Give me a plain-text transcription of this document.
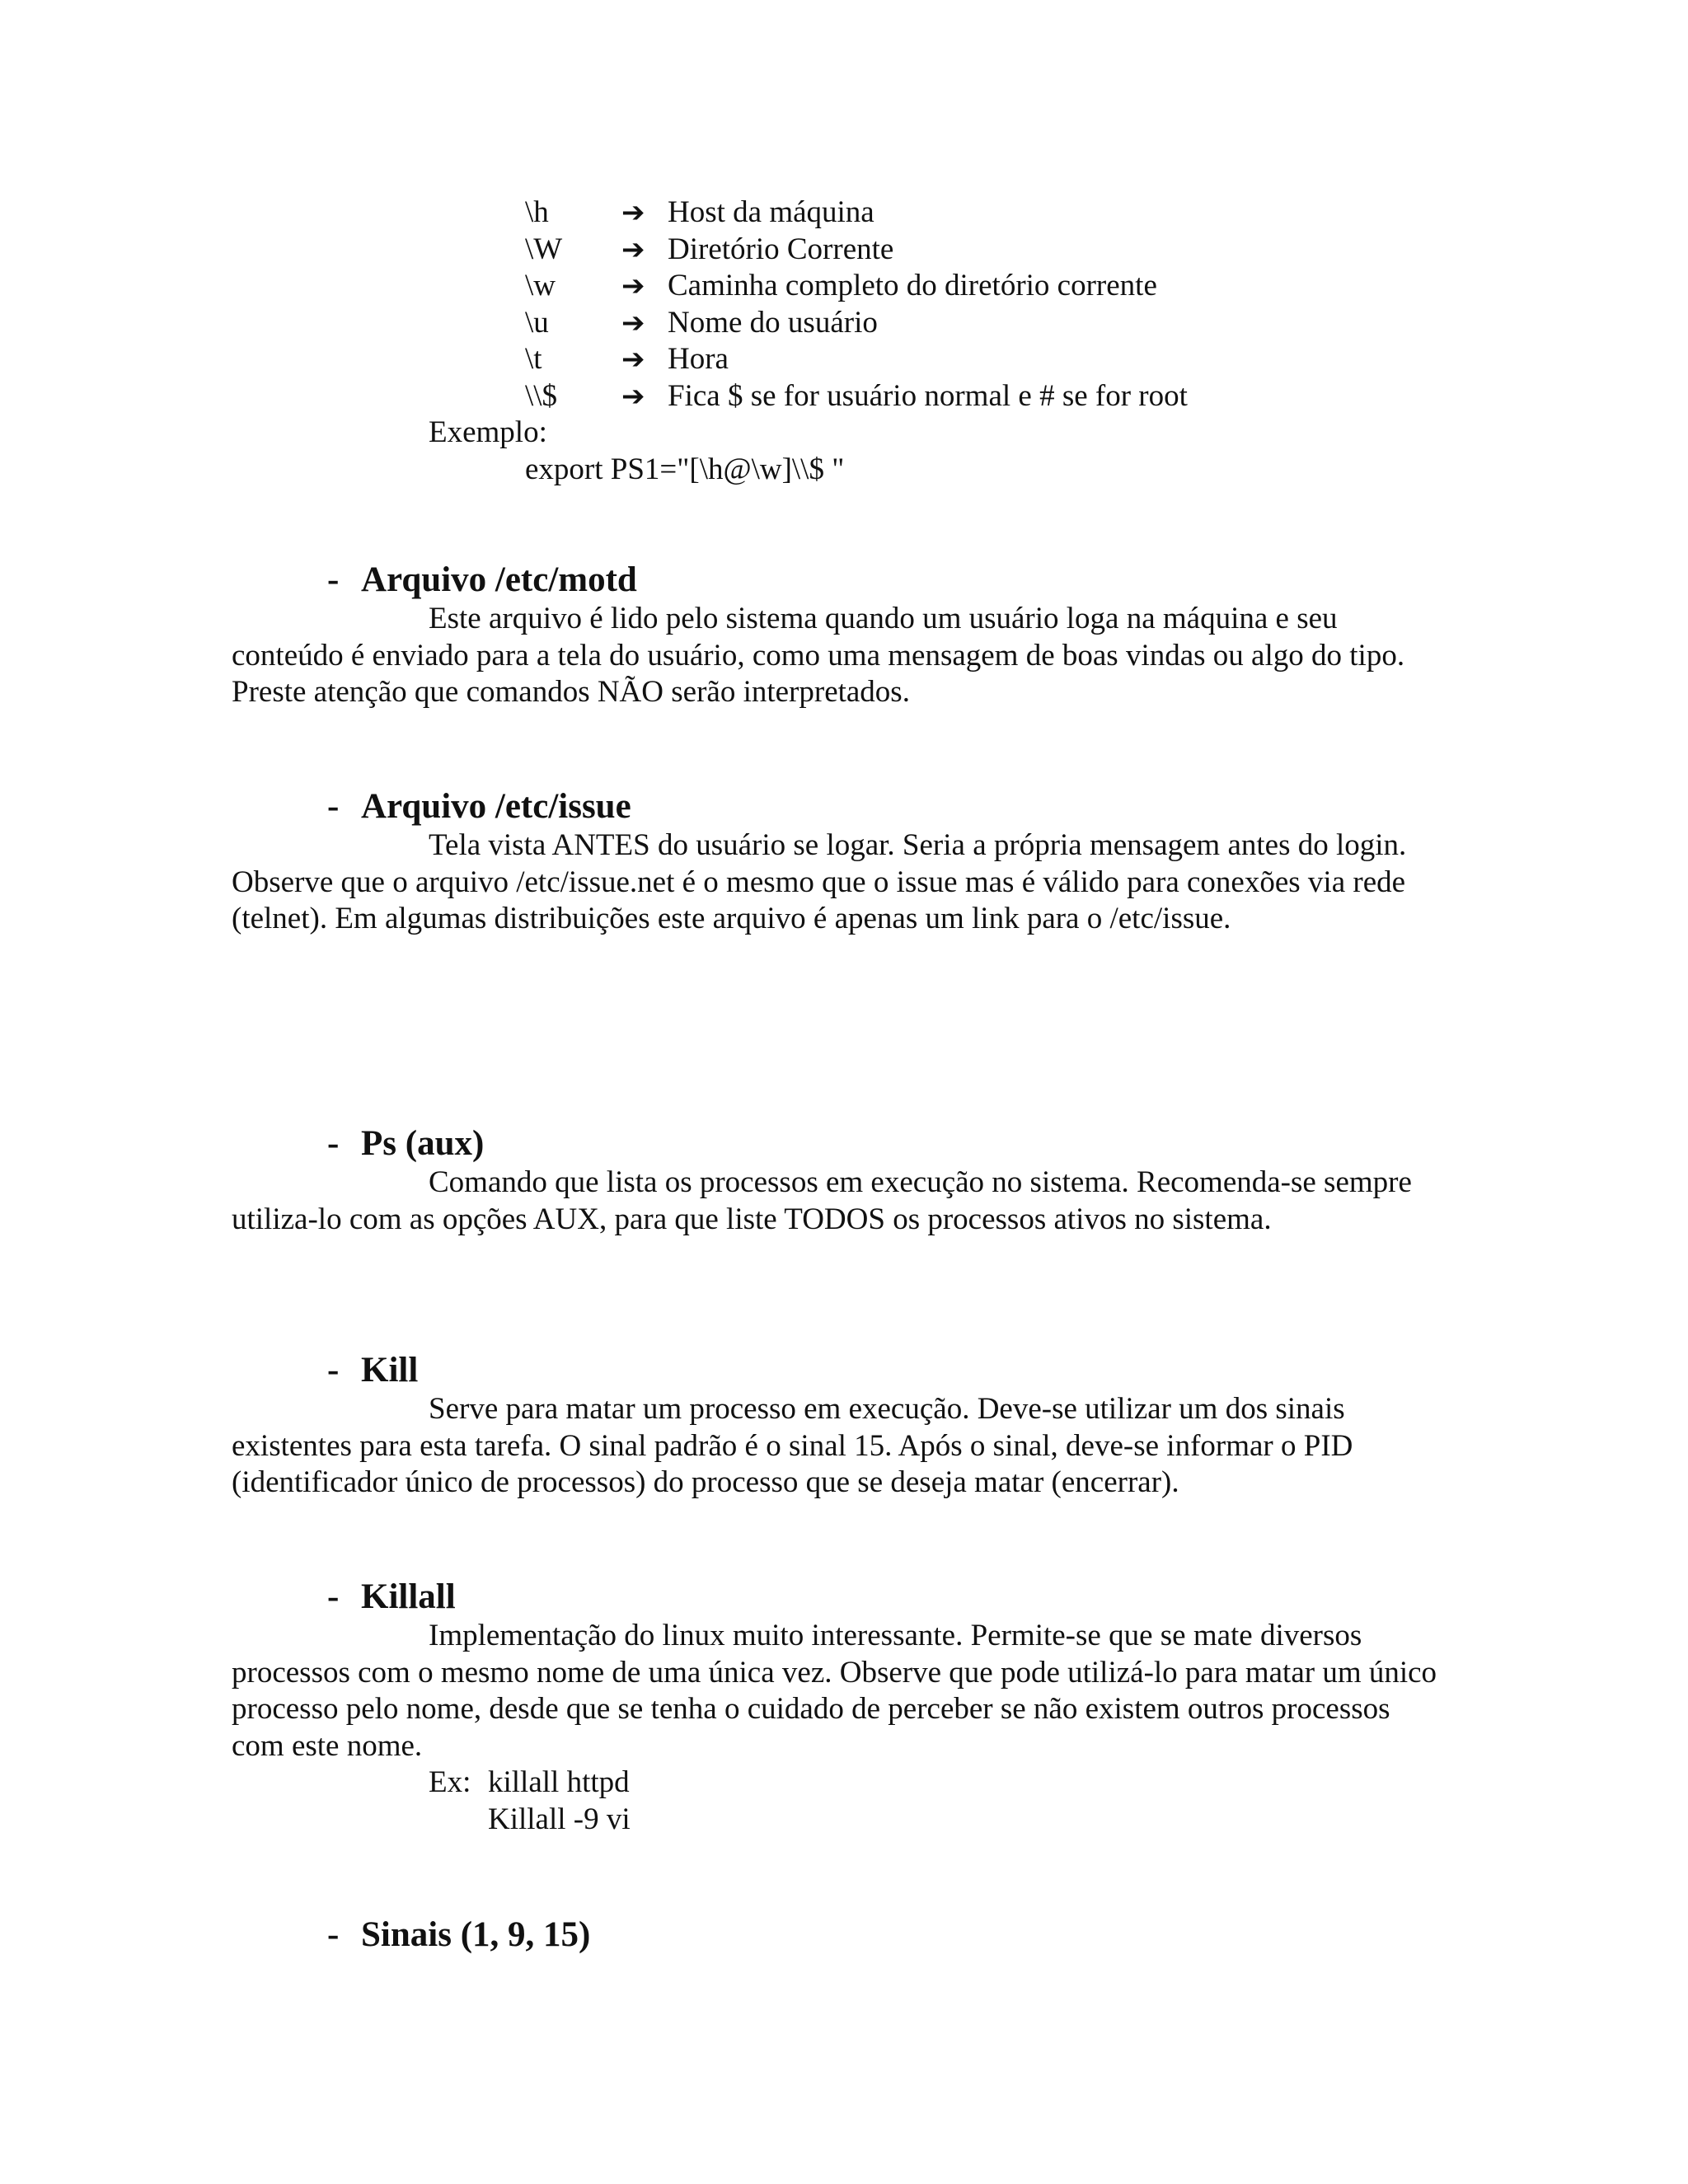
\h	➔ Host da máquina
\W	➔ Diretório Corrente
\w	➔ Caminha completo do diretório corrente
\u	➔ Nome do usuário
\t	➔ Hora
\\$	➔ Fica $ se for usuário normal e # se for root
Exemplo:
export PS1="[\h@\w]\\$ "
- Arquivo /etc/motd

Este arquivo é lido pelo sistema quando um usuário loga na máquina e seu conteúdo é enviado para a tela do usuário, como uma mensagem de boas vindas ou algo do tipo. Preste atenção que comandos NÃO serão interpretados.

- Arquivo /etc/issue

Tela vista ANTES do usuário se logar. Seria a própria mensagem antes do login. Observe que o arquivo /etc/issue.net é o mesmo que o issue mas é válido para conexões via rede (telnet). Em algumas distribuições este arquivo é apenas um link para o /etc/issue.

- Ps (aux)

Comando que lista os processos em execução no sistema. Recomenda-se sempre utiliza-lo com as opções AUX, para que liste TODOS os processos ativos no sistema.

- Kill

Serve para matar um processo em execução. Deve-se utilizar um dos sinais existentes para esta tarefa. O sinal padrão é o sinal 15. Após o sinal, deve-se informar o PID (identificador único de processos) do processo que se deseja matar (encerrar).

- Killall

Implementação do linux muito interessante. Permite-se que se mate diversos processos com o mesmo nome de uma única vez. Observe que pode utilizá-lo para matar um único processo pelo nome, desde que se tenha o cuidado de perceber se não existem outros processos com este nome.

Ex: killall httpd
Killall -9 vi
- Sinais (1, 9, 15)
